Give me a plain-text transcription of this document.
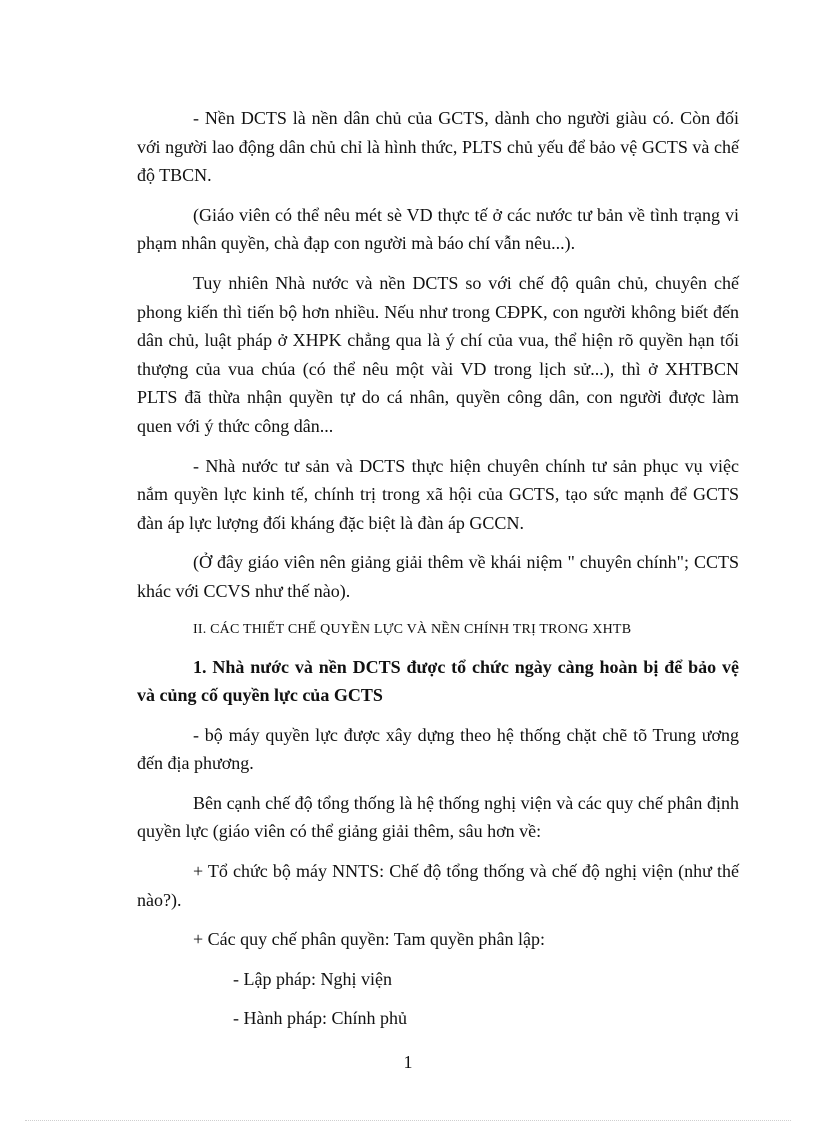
- Nền DCTS là nền dân chủ của GCTS, dành cho người giàu có. Còn đối với người lao động dân chủ chỉ là hình thức, PLTS chủ yếu để bảo vệ GCTS và chế độ TBCN.

(Giáo viên có thể nêu mét sè VD thực tế ở các nước tư bản về tình trạng vi phạm nhân quyền, chà đạp con người mà báo chí vẫn nêu...).

Tuy nhiên Nhà nước và nền DCTS so với chế độ quân chủ, chuyên chế phong kiến thì tiến bộ hơn nhiều. Nếu như trong CĐPK, con người không biết đến dân chủ, luật pháp ở XHPK chẳng qua là ý chí của vua, thể hiện rõ quyền hạn tối thượng của vua chúa (có thể nêu một vài VD trong lịch sử...), thì ở XHTBCN PLTS đã thừa nhận quyền tự do cá nhân, quyền công dân, con người được làm quen với ý thức công dân...

- Nhà nước tư sản và DCTS thực hiện chuyên chính tư sản phục vụ việc nắm quyền lực kinh tế, chính trị trong xã hội của GCTS, tạo sức mạnh để GCTS đàn áp lực lượng đối kháng đặc biệt là đàn áp GCCN.

(Ở đây giáo viên nên giảng giải thêm về khái niệm " chuyên chính"; CCTS khác với CCVS như thế nào).

II. CÁC THIẾT CHẾ QUYỀN LỰC VÀ NỀN CHÍNH TRỊ TRONG XHTB

1. Nhà nước và nền DCTS được tổ chức ngày càng hoàn bị để bảo vệ và củng cố quyền lực của GCTS

- bộ máy quyền lực được xây dựng theo hệ thống chặt chẽ tõ Trung ương đến địa phương.

Bên cạnh chế độ tổng thống là hệ thống nghị viện và các quy chế phân định quyền lực (giáo viên có thể giảng giải thêm, sâu hơn về:

+ Tổ chức bộ máy NNTS: Chế độ tổng thống và chế độ nghị viện (như thế nào?).

+ Các quy chế phân quyền: Tam quyền phân lập:

- Lập pháp: Nghị viện

- Hành pháp: Chính phủ

1
